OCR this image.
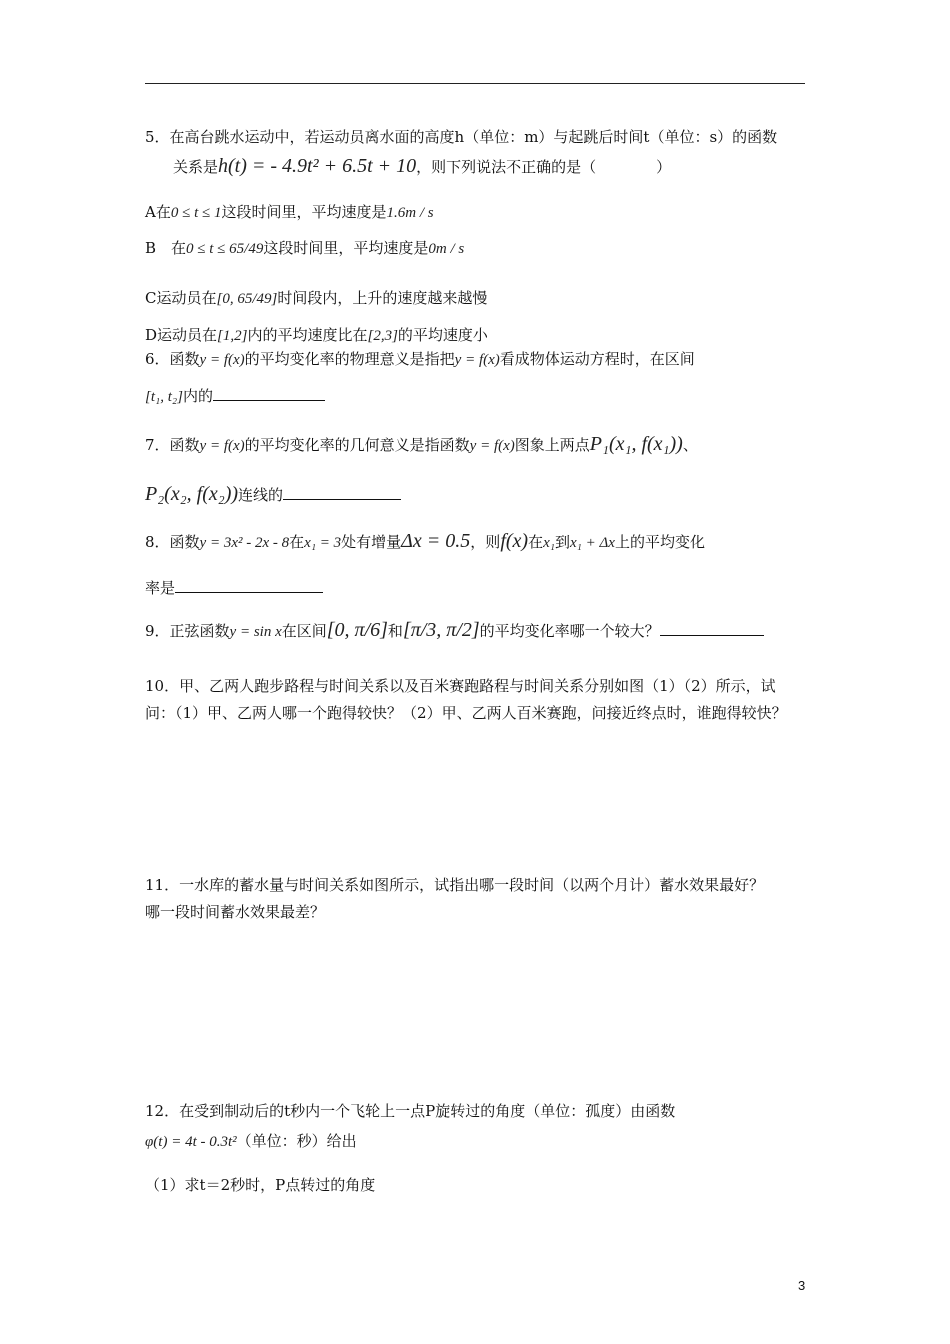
5．在高台跳水运动中，若运动员离水面的高度h（单位：m）与起跳后时间t（单位：s）的函数
关系是h(t) = - 4.9t² + 6.5t + 10，则下列说法不正确的是（　　　　）
A在0 ≤ t ≤ 1这段时间里，平均速度是1.6m / s
B　在0 ≤ t ≤ 65/49这段时间里，平均速度是0m / s
C运动员在[0, 65/49]时间段内，上升的速度越来越慢
D运动员在[1,2]内的平均速度比在[2,3]的平均速度小
6．函数y = f(x)的平均变化率的物理意义是指把y = f(x)看成物体运动方程时，在区间
[t₁, t₂]内的
7．函数y = f(x)的平均变化率的几何意义是指函数y = f(x)图象上两点P₁(x₁, f(x₁))、
P₂(x₂, f(x₂))连线的
8．函数y = 3x² - 2x - 8在x₁ = 3处有增量Δx = 0.5，则f(x)在x₁到x₁ + Δx上的平均变化
率是
9．正弦函数y = sin x在区间[0, π/6]和[π/3, π/2]的平均变化率哪一个较大？
10．甲、乙两人跑步路程与时间关系以及百米赛跑路程与时间关系分别如图（1）（2）所示，试
问：（1）甲、乙两人哪一个跑得较快？（2）甲、乙两人百米赛跑，问接近终点时，谁跑得较快？
11．一水库的蓄水量与时间关系如图所示，试指出哪一段时间（以两个月计）蓄水效果最好？
哪一段时间蓄水效果最差？
12．在受到制动后的t秒内一个飞轮上一点P旋转过的角度（单位：孤度）由函数
φ(t) = 4t - 0.3t²（单位：秒）给出
（1）求t＝2秒时，P点转过的角度
3
